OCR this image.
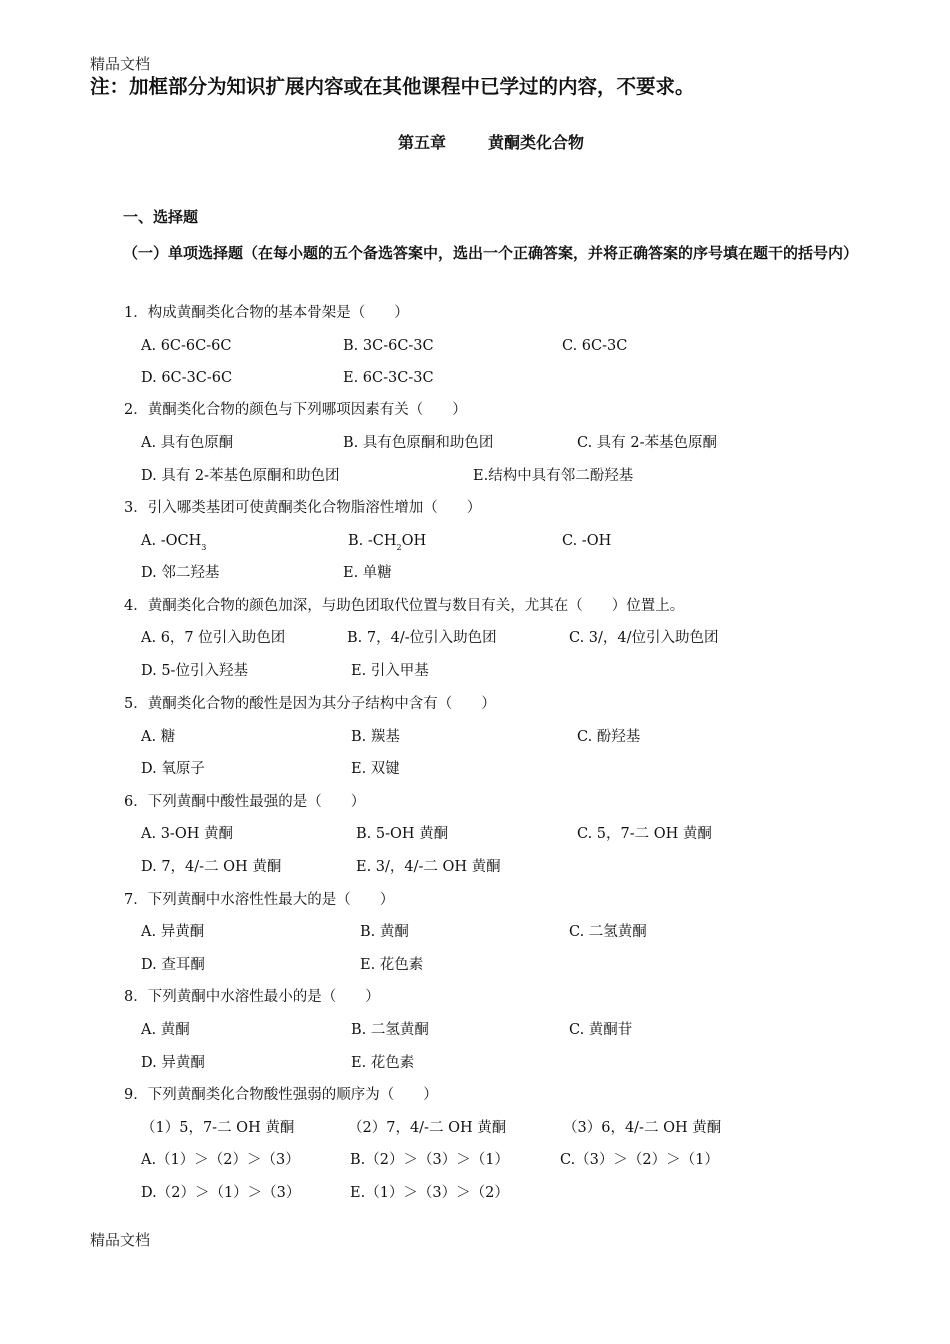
精品文档
注：加框部分为知识扩展内容或在其他课程中已学过的内容，不要求。
第五章	黄酮类化合物
一、选择题
（一）单项选择题（在每小题的五个备选答案中，选出一个正确答案，并将正确答案的序号填在题干的括号内）
1．构成黄酮类化合物的基本骨架是（　　）
A. 6C-6C-6C	B. 3C-6C-3C	C. 6C-3C
D. 6C-3C-6C	E. 6C-3C-3C
2．黄酮类化合物的颜色与下列哪项因素有关（　　）
A. 具有色原酮	B. 具有色原酮和助色团	C. 具有 2-苯基色原酮
D. 具有 2-苯基色原酮和助色团	E.结构中具有邻二酚羟基
3．引入哪类基团可使黄酮类化合物脂溶性增加（　　）
A. $-OCH_3$	B. $-CH_2OH$	C. -OH
D. 邻二羟基	E. 单糖
4．黄酮类化合物的颜色加深，与助色团取代位置与数目有关，尤其在（　　）位置上。
A. 6，7 位引入助色团	B. 7，4/-位引入助色团	C. 3/，4/位引入助色团
D. 5-位引入羟基	E. 引入甲基
5．黄酮类化合物的酸性是因为其分子结构中含有（　　）
A. 糖	B. 羰基	C. 酚羟基
D. 氧原子	E. 双键
6．下列黄酮中酸性最强的是（　　）
A. 3-OH 黄酮	B. 5-OH 黄酮	C. 5，7-二 OH 黄酮
D. 7，4/-二 OH 黄酮	E. 3/，4/-二 OH 黄酮
7．下列黄酮中水溶性性最大的是（　　）
A. 异黄酮	B. 黄酮	C. 二氢黄酮
D. 查耳酮	E. 花色素
8．下列黄酮中水溶性最小的是（　　）
A. 黄酮	B. 二氢黄酮	C. 黄酮苷
D. 异黄酮	E. 花色素
9．下列黄酮类化合物酸性强弱的顺序为（　　）
（1）5，7-二 OH 黄酮	（2）7，4/-二 OH 黄酮	（3）6，4/-二 OH 黄酮
A.（1）＞（2）＞（3）	B.（2）＞（3）＞（1）	C.（3）＞（2）＞（1）
D.（2）＞（1）＞（3）	E.（1）＞（3）＞（2）
精品文档
